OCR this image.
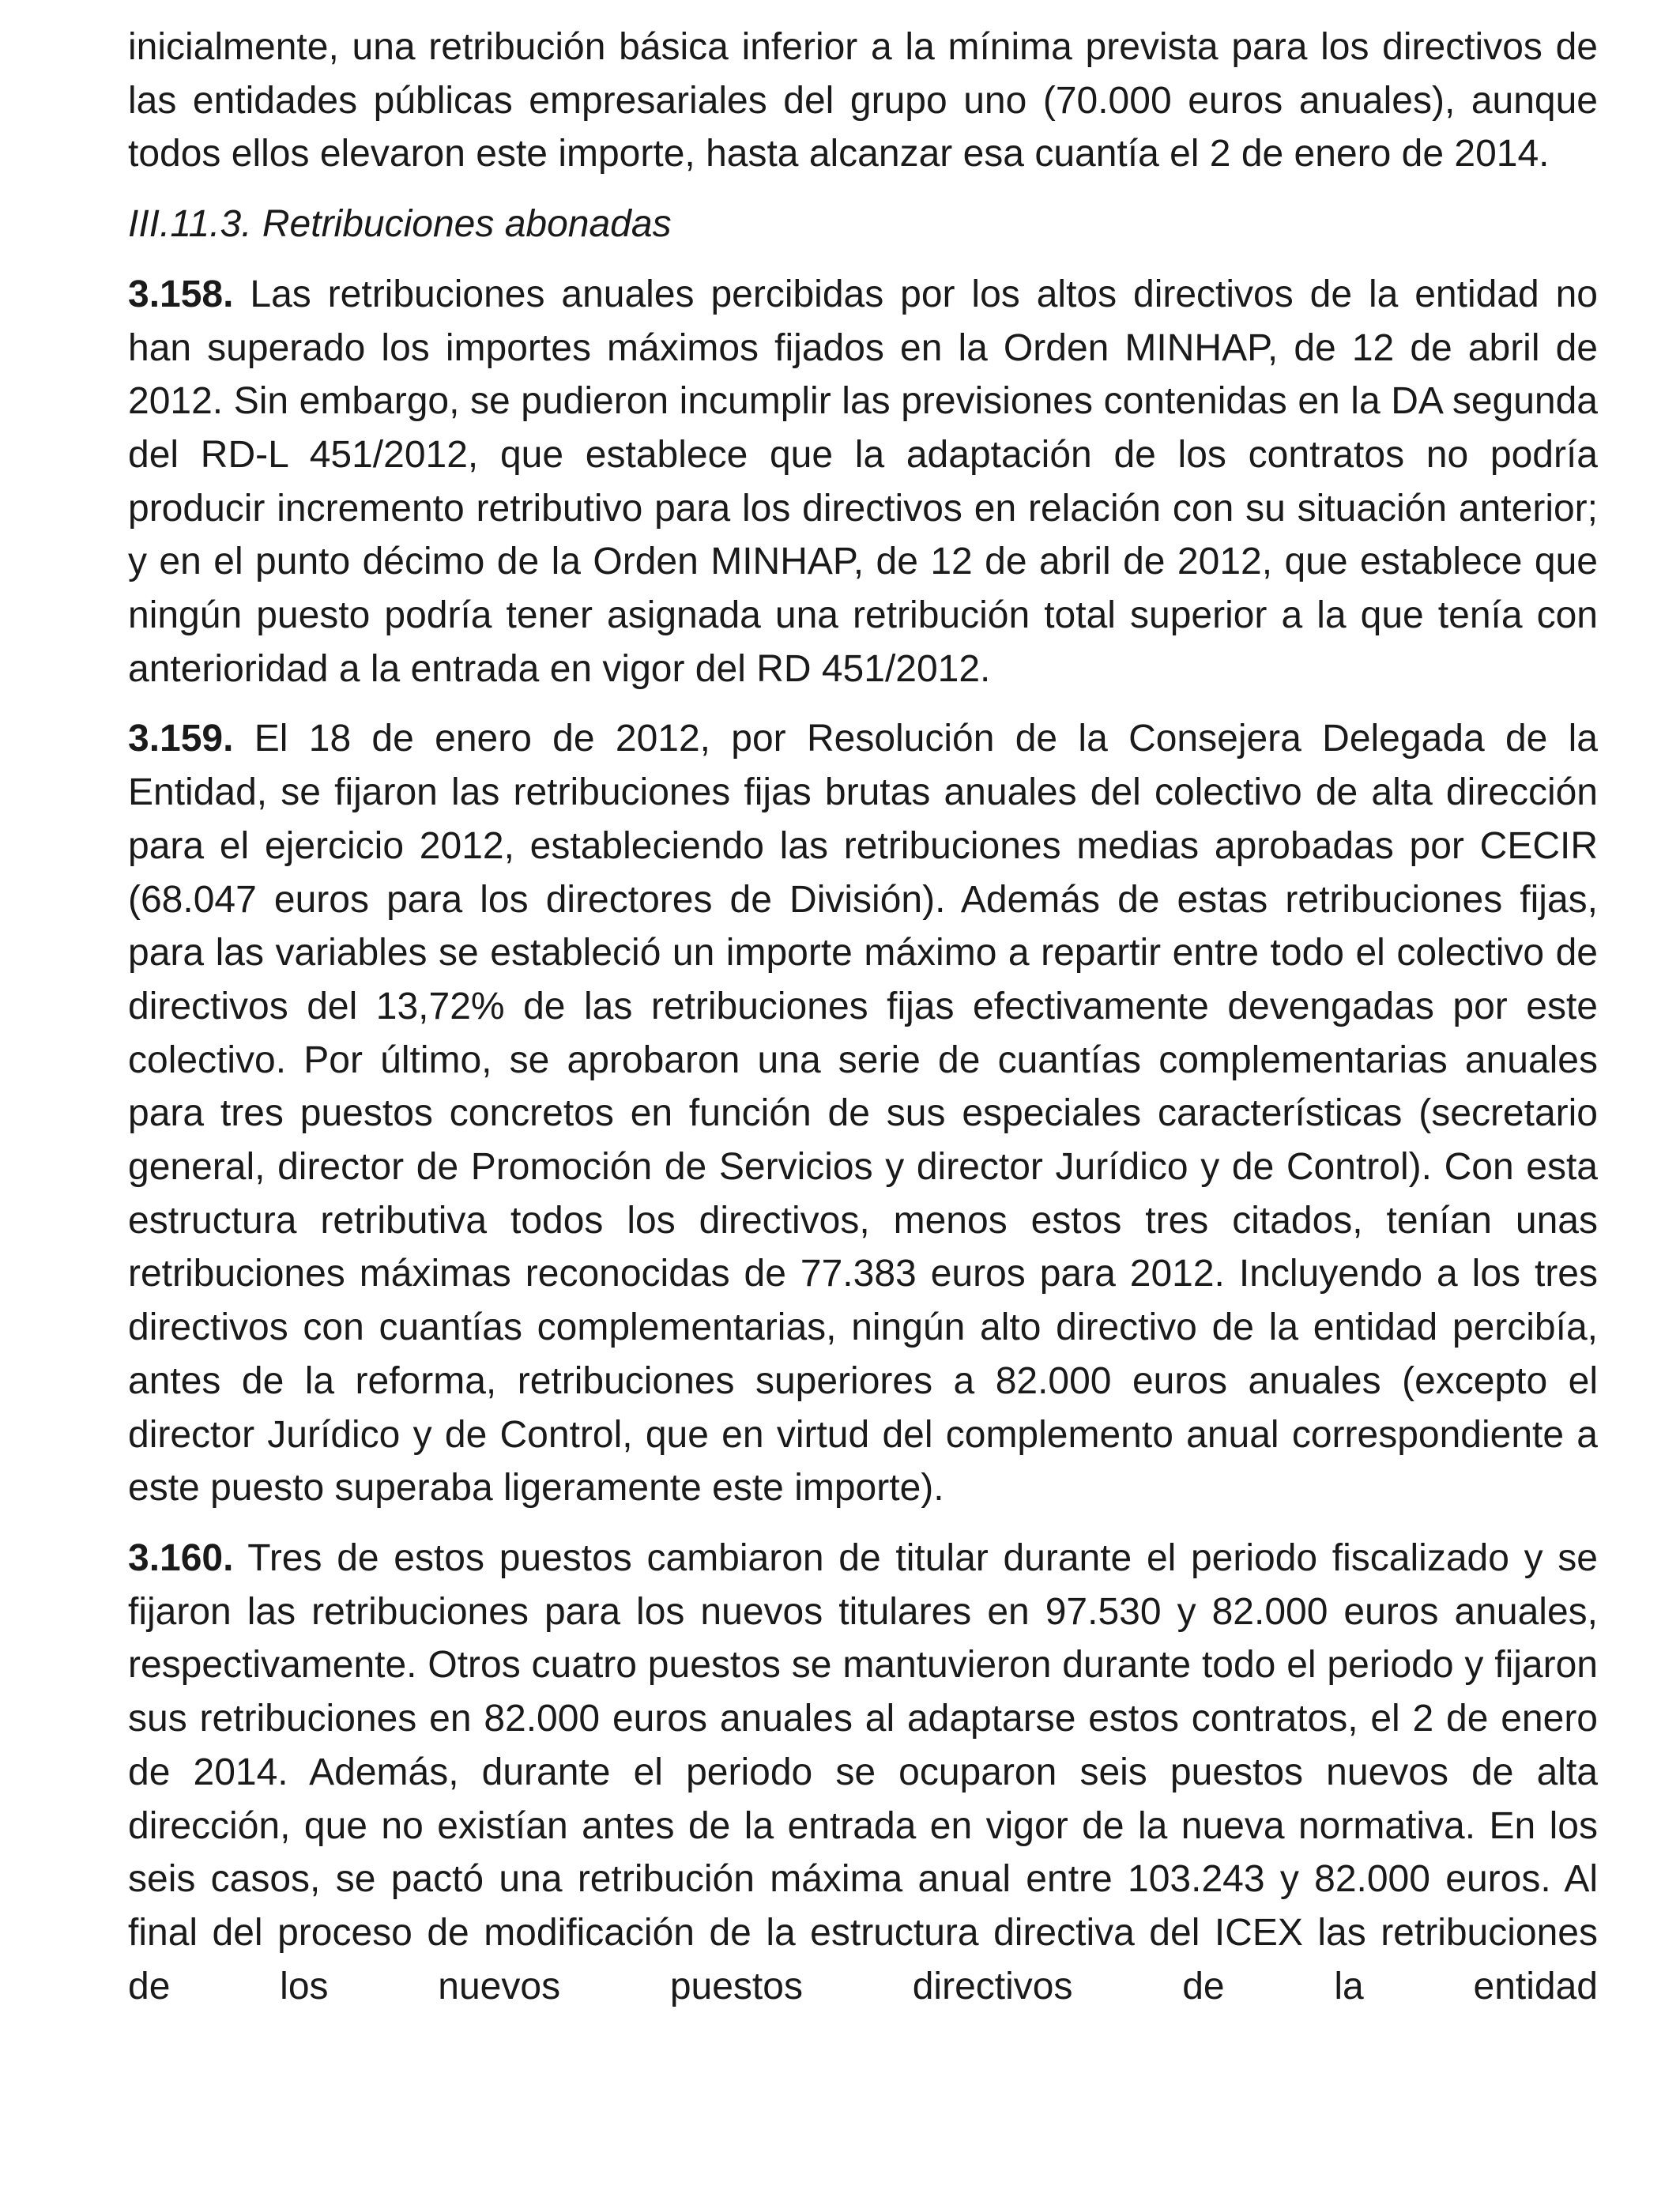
inicialmente, una retribución básica inferior a la mínima prevista para los directivos de las entidades públicas empresariales del grupo uno (70.000 euros anuales), aunque todos ellos elevaron este importe, hasta alcanzar esa cuantía el 2 de enero de 2014.

III.11.3. Retribuciones abonadas

3.158. Las retribuciones anuales percibidas por los altos directivos de la entidad no han superado los importes máximos fijados en la Orden MINHAP, de 12 de abril de 2012. Sin embargo, se pudieron incumplir las previsiones contenidas en la DA segunda del RD-L 451/2012, que establece que la adaptación de los contratos no podría producir incremento retributivo para los directivos en relación con su situación anterior; y en el punto décimo de la Orden MINHAP, de 12 de abril de 2012, que establece que ningún puesto podría tener asignada una retribución total superior a la que tenía con anterioridad a la entrada en vigor del RD 451/2012.

3.159. El 18 de enero de 2012, por Resolución de la Consejera Delegada de la Entidad, se fijaron las retribuciones fijas brutas anuales del colectivo de alta dirección para el ejercicio 2012, estableciendo las retribuciones medias aprobadas por CECIR (68.047 euros para los directores de División). Además de estas retribuciones fijas, para las variables se estableció un importe máximo a repartir entre todo el colectivo de directivos del 13,72% de las retribuciones fijas efectivamente devengadas por este colectivo. Por último, se aprobaron una serie de cuantías complementarias anuales para tres puestos concretos en función de sus especiales características (secretario general, director de Promoción de Servicios y director Jurídico y de Control). Con esta estructura retributiva todos los directivos, menos estos tres citados, tenían unas retribuciones máximas reconocidas de 77.383 euros para 2012. Incluyendo a los tres directivos con cuantías complementarias, ningún alto directivo de la entidad percibía, antes de la reforma, retribuciones superiores a 82.000 euros anuales (excepto el director Jurídico y de Control, que en virtud del complemento anual correspondiente a este puesto superaba ligeramente este importe).

3.160. Tres de estos puestos cambiaron de titular durante el periodo fiscalizado y se fijaron las retribuciones para los nuevos titulares en 97.530 y 82.000 euros anuales, respectivamente. Otros cuatro puestos se mantuvieron durante todo el periodo y fijaron sus retribuciones en 82.000 euros anuales al adaptarse estos contratos, el 2 de enero de 2014. Además, durante el periodo se ocuparon seis puestos nuevos de alta dirección, que no existían antes de la entrada en vigor de la nueva normativa. En los seis casos, se pactó una retribución máxima anual entre 103.243 y 82.000 euros. Al final del proceso de modificación de la estructura directiva del ICEX las retribuciones de los nuevos puestos directivos de la entidad
